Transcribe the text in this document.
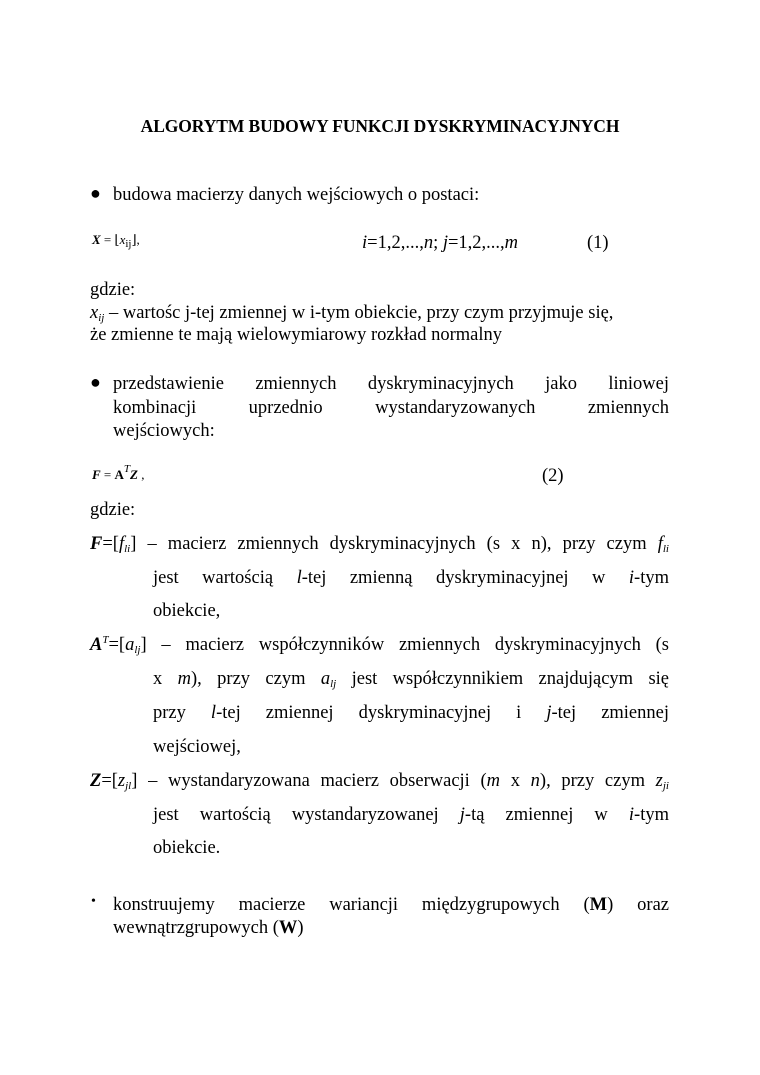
ALGORYTM BUDOWY FUNKCJI DYSKRYMINACYJNYCH
● budowa macierzy danych wejściowych o postaci:
$X = ⌊x_{ij}⌋$,	i=1,2,...,n; j=1,2,...,m	(1)
gdzie:
$x_{ij}$ – wartośc j-tej zmiennej w i-tym obiekcie, przy czym przyjmuje się,
że zmienne te mają wielowymiarowy rozkład normalny
● przedstawienie zmiennych dyskryminacyjnych jako liniowej
kombinacji uprzednio wystandaryzowanych zmiennych
wejściowych:
$F = A^TZ$ ,	(2)
gdzie:
$F=[f_{li}]$ – macierz zmiennych dyskryminacyjnych (s x n), przy czym $f_{li}$
jest wartością l-tej zmienną dyskryminacyjnej w i-tym
obiekcie,
$A^T=[a_{lj}]$ – macierz współczynników zmiennych dyskryminacyjnych (s
x m), przy czym $a_{lj}$ jest współczynnikiem znajdującym się
przy l-tej zmiennej dyskryminacyjnej i j-tej zmiennej
wejściowej,
$Z=[z_{jl}]$ – wystandaryzowana macierz obserwacji (m x n), przy czym $z_{ji}$
jest wartością wystandaryzowanej j-tą zmiennej w i-tym
obiekcie.
• konstruujemy macierze wariancji międzygrupowych (M) oraz
wewnątrzgrupowych (W)
